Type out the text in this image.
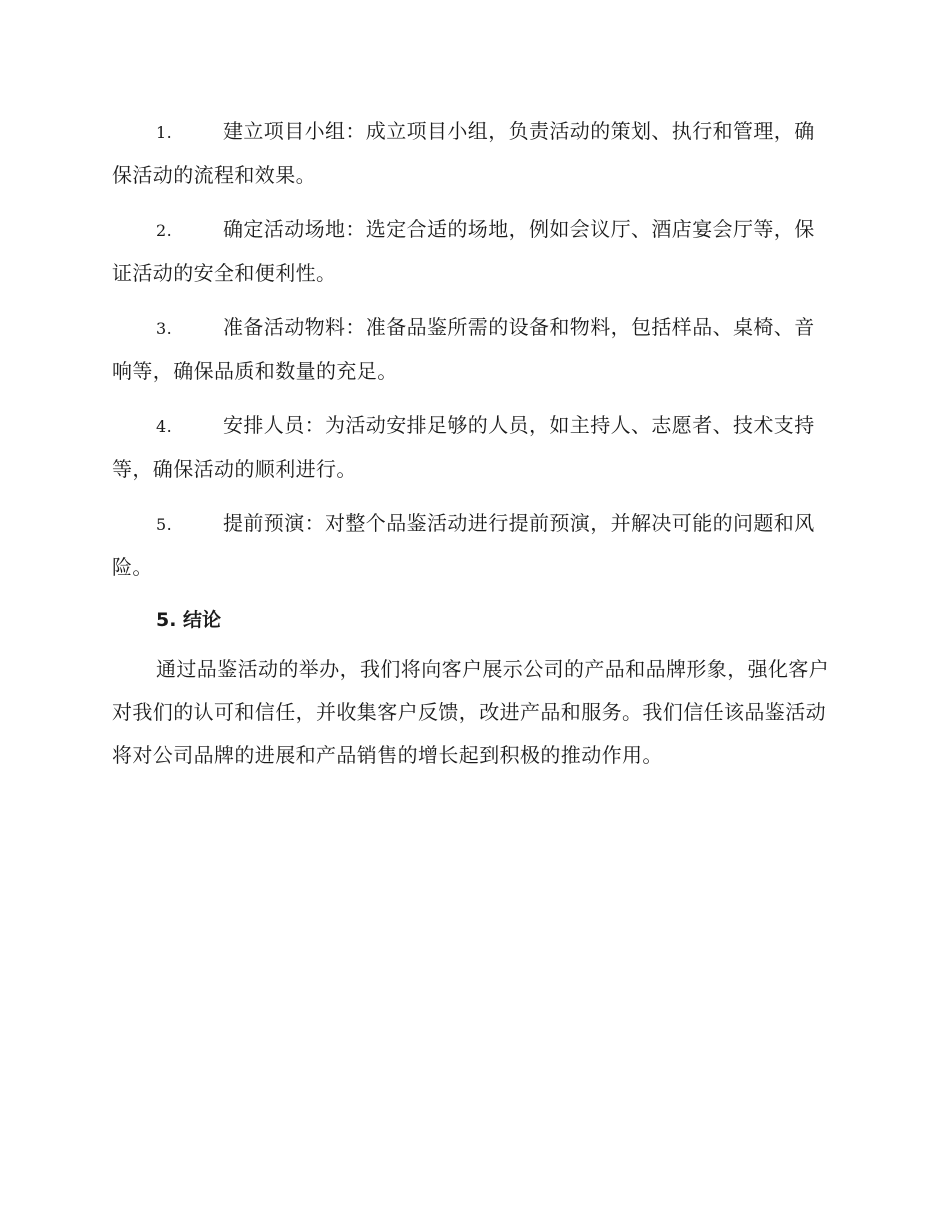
1.	建立项目小组：成立项目小组，负责活动的策划、执行和管理，确保活动的流程和效果。
2.	确定活动场地：选定合适的场地，例如会议厅、酒店宴会厅等，保证活动的安全和便利性。
3.	准备活动物料：准备品鉴所需的设备和物料，包括样品、桌椅、音响等，确保品质和数量的充足。
4.	安排人员：为活动安排足够的人员，如主持人、志愿者、技术支持等，确保活动的顺利进行。
5.	提前预演：对整个品鉴活动进行提前预演，并解决可能的问题和风险。
5. 结论

通过品鉴活动的举办，我们将向客户展示公司的产品和品牌形象，强化客户对我们的认可和信任，并收集客户反馈，改进产品和服务。我们信任该品鉴活动将对公司品牌的进展和产品销售的增长起到积极的推动作用。
